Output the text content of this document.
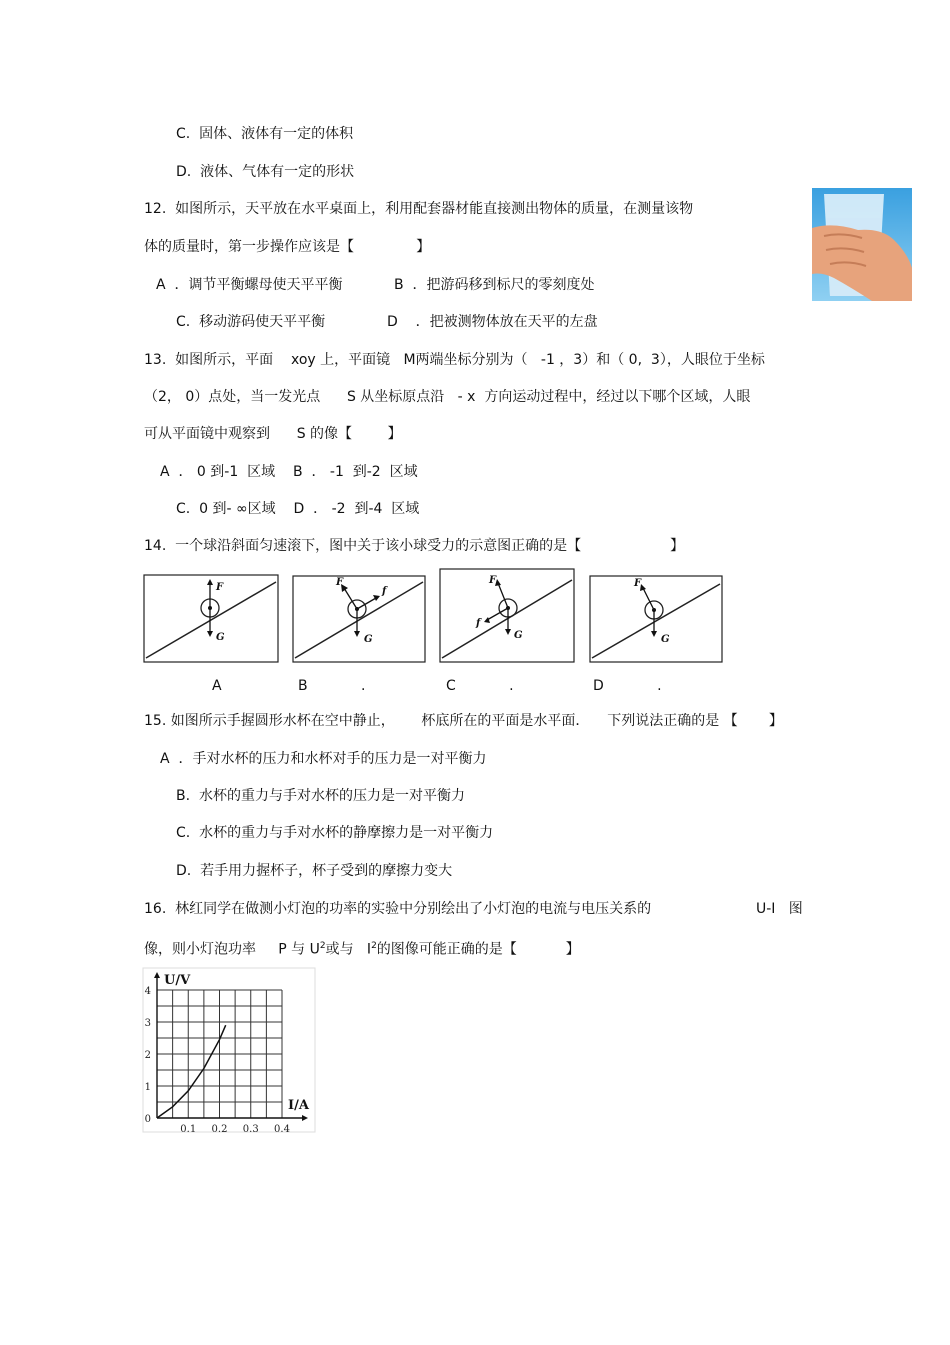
C.  固体、液体有一定的体积
D.  液体、气体有一定的形状
12.  如图所示，天平放在水平桌面上，利用配套器材能直接测出物体的质量，在测量该物
体的质量时，第一步操作应该是【              】
A  ．调节平衡螺母使天平平衡	B  ．把游码移到标尺的零刻度处
C.  移动游码使天平平衡	D    ．把被测物体放在天平的左盘
13.  如图所示，平面    xoy 上，平面镜   M两端坐标分别为（   -1 ，3）和（ 0,  3），人眼位于坐标
（2， 0）点处，当一发光点      S 从坐标原点沿   - x  方向运动过程中，经过以下哪个区域，人眼
可从平面镜中观察到      S 的像【        】
A  ． 0 到-1  区域    B  ． -1  到-2  区域
C.  0 到- ∞区域    D  ． -2  到-4  区域
14.  一个球沿斜面匀速滚下，图中关于该小球受力的示意图正确的是【                    】
F
G
F
f
G
F
f
G
F
G
A	B            .	C            .	D            .
15. 如图所示手握圆形水杯在空中静止，      杯底所在的平面是水平面．    下列说法正确的是 【       】
A  ．手对水杯的压力和水杯对手的压力是一对平衡力
B.  水杯的重力与手对水杯的压力是一对平衡力
C.  水杯的重力与手对水杯的静摩擦力是一对平衡力
D.  若手用力握杯子，杯子受到的摩擦力变大
16.  林红同学在做测小灯泡的功率的实验中分别绘出了小灯泡的电流与电压关系的	U-I   图
像，则小灯泡功率     P 与 $U^2$或与   $I^2$的图像可能正确的是【           】
0.1 0.2 0.3 0.4
0
1
2
3
4
U/V
I/A
